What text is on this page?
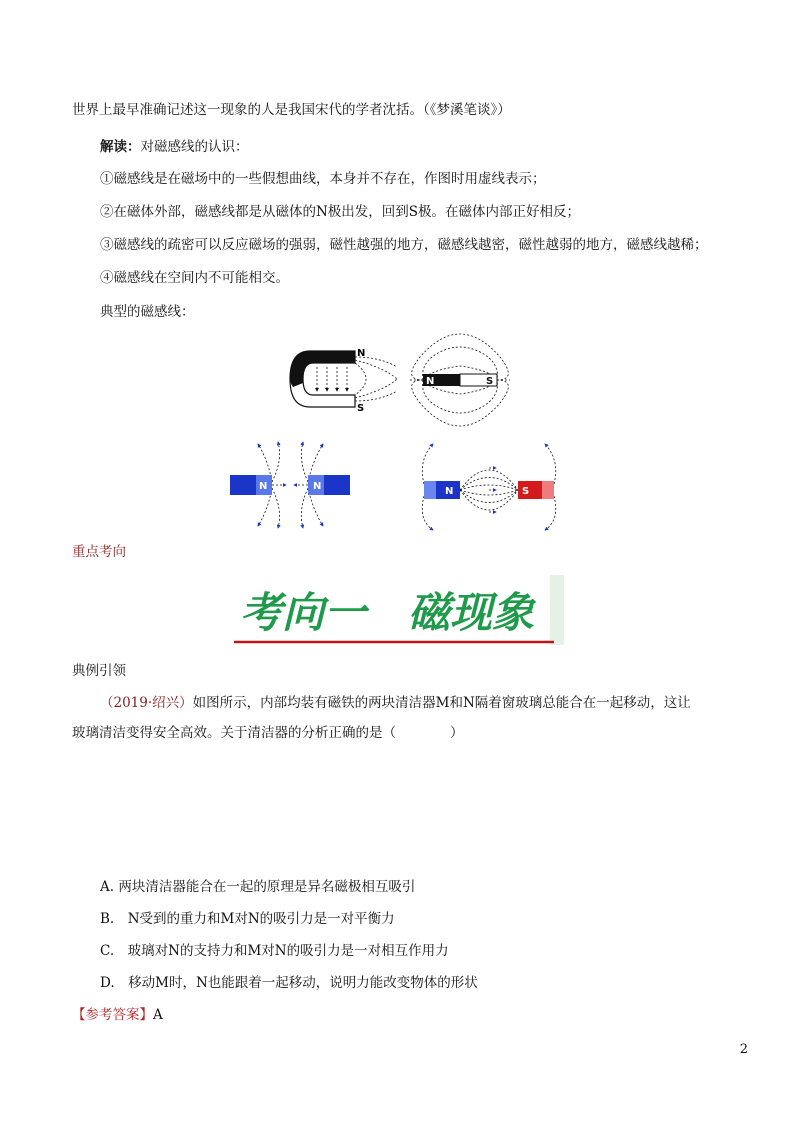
世界上最早准确记述这一现象的人是我国宋代的学者沈括。（《梦溪笔谈》）
解读：对磁感线的认识：
①磁感线是在磁场中的一些假想曲线，本身并不存在，作图时用虚线表示；
②在磁体外部，磁感线都是从磁体的N极出发，回到S极。在磁体内部正好相反；
③磁感线的疏密可以反应磁场的强弱，磁性越强的地方，磁感线越密，磁性越弱的地方，磁感线越稀；
④磁感线在空间内不可能相交。
典型的磁感线：
N
S
N	S
N	N	N	S
重点考向
考向一　磁现象
典例引领
（2019·绍兴）如图所示，内部均装有磁铁的两块清洁器M和N隔着窗玻璃总能合在一起移动，这让
玻璃清洁变得安全高效。关于清洁器的分析正确的是（　　　　）
A. 两块清洁器能合在一起的原理是异名磁极相互吸引
B.　N受到的重力和M对N的吸引力是一对平衡力
C.　玻璃对N的支持力和M对N的吸引力是一对相互作用力
D.　移动M时，N也能跟着一起移动，说明力能改变物体的形状
【参考答案】A
2
